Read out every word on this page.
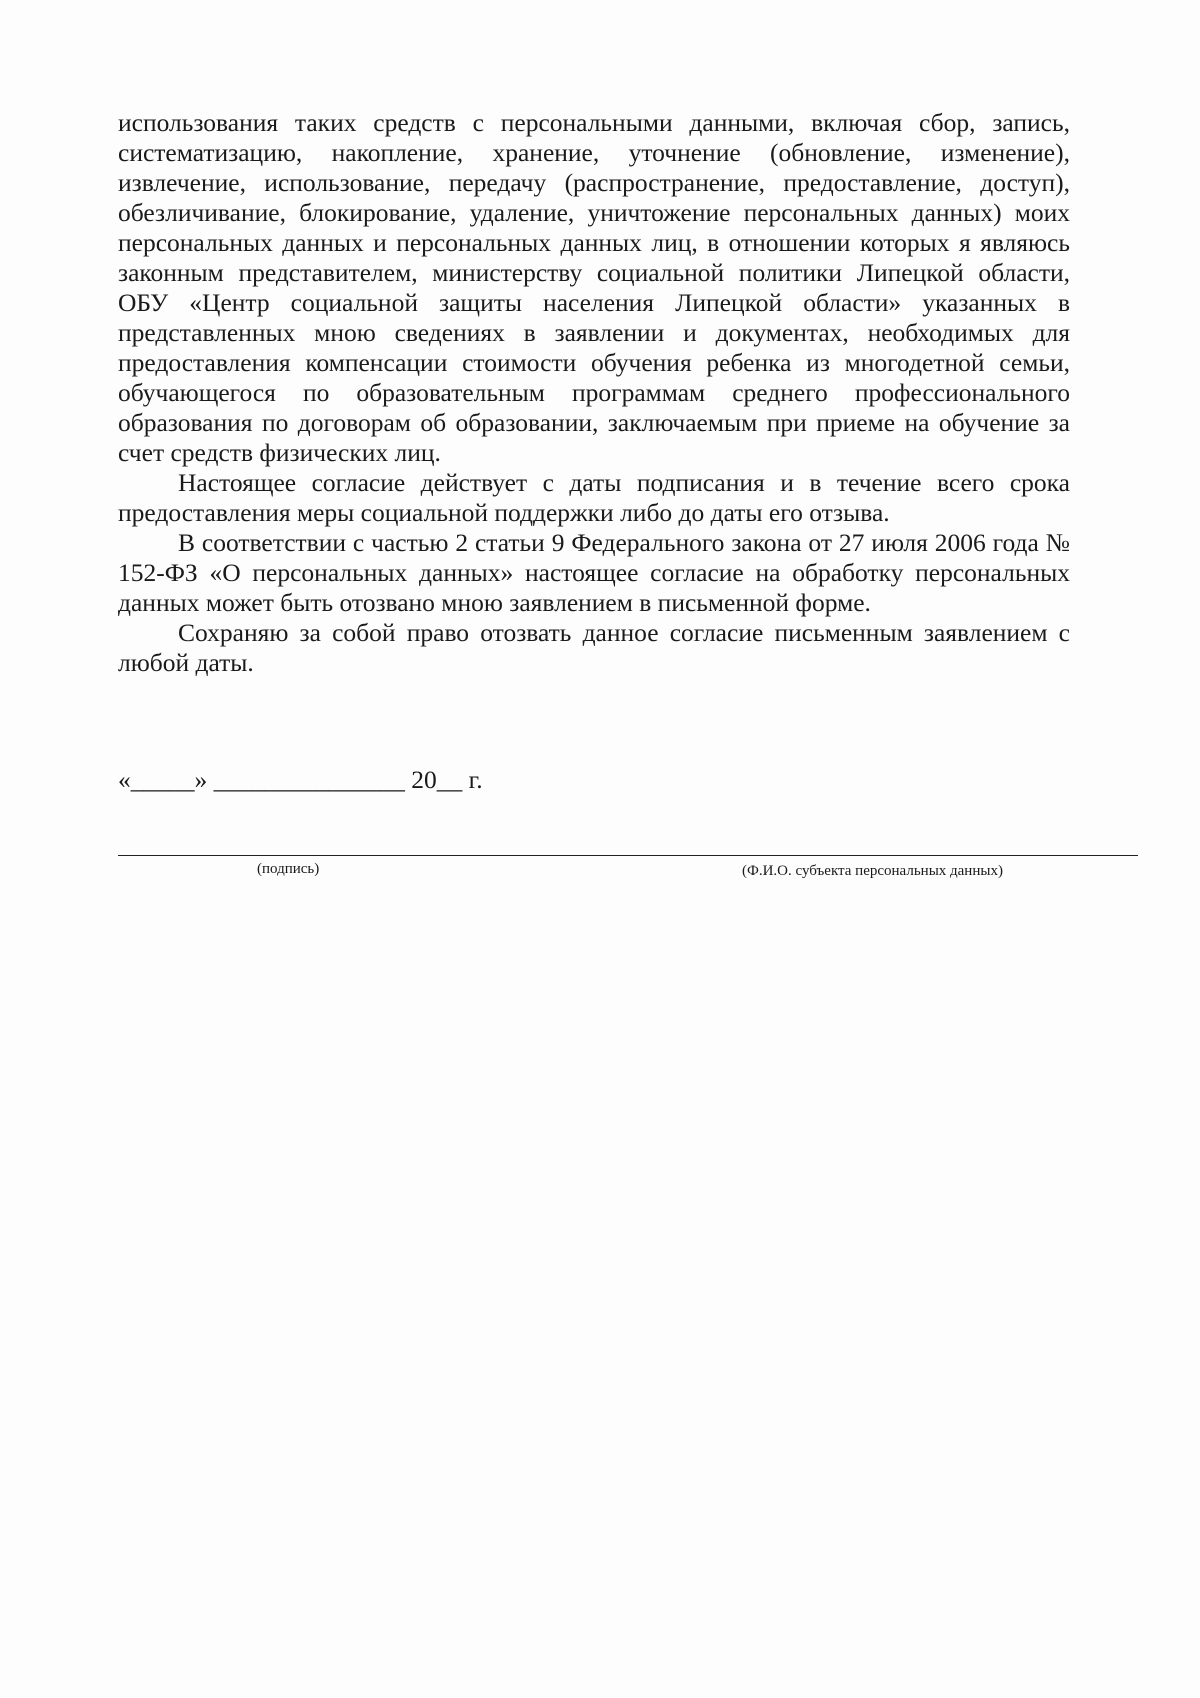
использования таких средств с персональными данными, включая сбор, запись, систематизацию, накопление, хранение, уточнение (обновление, изменение), извлечение, использование, передачу (распространение, предоставление, доступ), обезличивание, блокирование, удаление, уничтожение персональных данных) моих персональных данных и персональных данных лиц, в отношении которых я являюсь законным представителем, министерству социальной политики Липецкой области, ОБУ «Центр социальной защиты населения Липецкой области» указанных в представленных мною сведениях в заявлении и документах, необходимых для предоставления компенсации стоимости обучения ребенка из многодетной семьи, обучающегося по образовательным программам среднего профессионального образования по договорам об образовании, заключаемым при приеме на обучение за счет средств физических лиц.

Настоящее согласие действует с даты подписания и в течение всего срока предоставления меры социальной поддержки либо до даты его отзыва.

В соответствии с частью 2 статьи 9 Федерального закона от 27 июля 2006 года № 152-ФЗ «О персональных данных» настоящее согласие на обработку персональных данных может быть отозвано мною заявлением в письменной форме.

Сохраняю за собой право отозвать данное согласие письменным заявлением с любой даты.

«_____» _______________ 20__ г.
(подпись)	(Ф.И.О. субъекта персональных данных)
